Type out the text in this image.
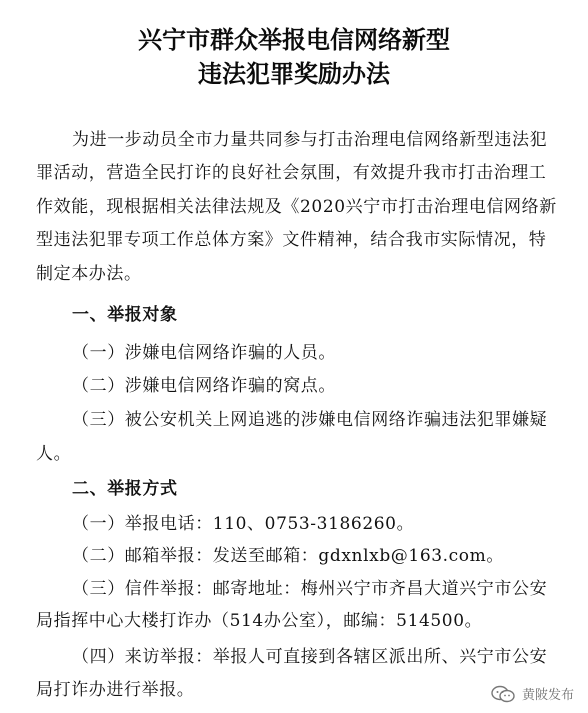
兴宁市群众举报电信网络新型
违法犯罪奖励办法
为进一步动员全市力量共同参与打击治理电信网络新型违法犯
罪活动，营造全民打诈的良好社会氛围，有效提升我市打击治理工
作效能，现根据相关法律法规及《2020兴宁市打击治理电信网络新
型违法犯罪专项工作总体方案》文件精神，结合我市实际情况，特
制定本办法。
一、举报对象
（一）涉嫌电信网络诈骗的人员。
（二）涉嫌电信网络诈骗的窝点。
（三）被公安机关上网追逃的涉嫌电信网络诈骗违法犯罪嫌疑
人。
二、举报方式
（一）举报电话：110、0753-3186260。
（二）邮箱举报：发送至邮箱：gdxnlxb@163.com。
（三）信件举报：邮寄地址：梅州兴宁市齐昌大道兴宁市公安
局指挥中心大楼打诈办（514办公室），邮编：514500。
（四）来访举报：举报人可直接到各辖区派出所、兴宁市公安
局打诈办进行举报。	黄陂发布
